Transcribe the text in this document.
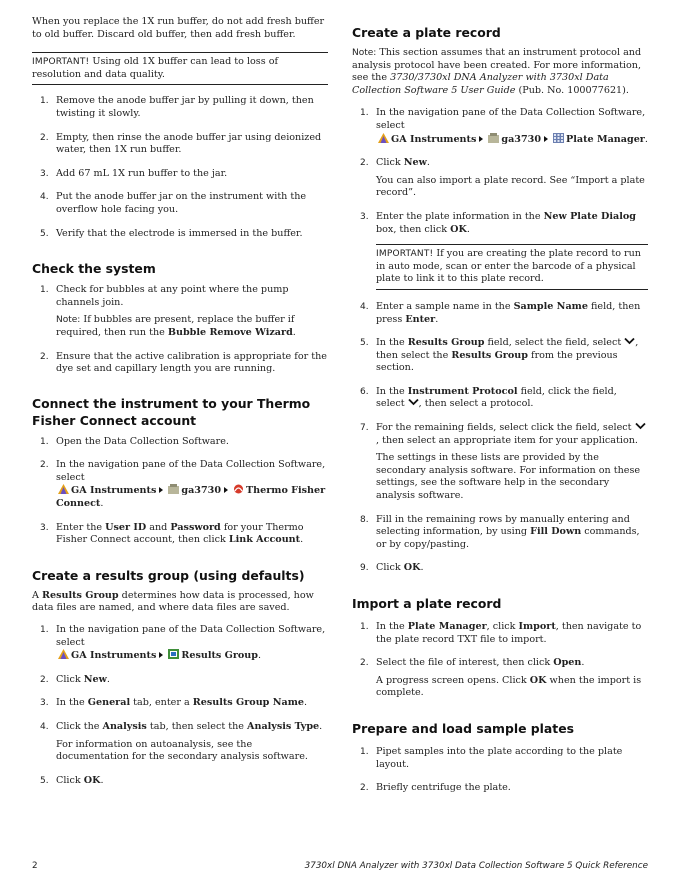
When you replace the 1X run buffer, do not add fresh buffer to old buffer. Discard old buffer, then add fresh buffer.

IMPORTANT! Using old 1X buffer can lead to loss of resolution and data quality.
1. Remove the anode buffer jar by pulling it down, then twisting it slowly.
2. Empty, then rinse the anode buffer jar using deionized water, then 1X run buffer.
3. Add 67 mL 1X run buffer to the jar.
4. Put the anode buffer jar on the instrument with the overflow hole facing you.
5. Verify that the electrode is immersed in the buffer.
Check the system
1. Check for bubbles at any point where the pump channels join.

Note: If bubbles are present, replace the buffer if required, then run the Bubble Remove Wizard.

2. Ensure that the active calibration is appropriate for the dye set and capillary length you are running.
Connect the instrument to your Thermo Fisher Connect account
1. Open the Data Collection Software.
2. In the navigation pane of the Data Collection Software, select
GA Instruments	ga3730	Thermo Fisher Connect.
3. Enter the User ID and Password for your Thermo Fisher Connect account, then click Link Account.
Create a results group (using defaults)

A Results Group determines how data is processed, how data files are named, and where data files are saved.

1. In the navigation pane of the Data Collection Software, select
GA Instruments	Results Group.
2. Click New.
3. In the General tab, enter a Results Group Name.
4. Click the Analysis tab, then select the Analysis Type.

For information on autoanalysis, see the documentation for the secondary analysis software.

5. Click OK.
Create a plate record

Note: This section assumes that an instrument protocol and analysis protocol have been created. For more information, see the 3730/3730xl DNA Analyzer with 3730xl Data Collection Software 5 User Guide (Pub. No. 100077621).

1. In the navigation pane of the Data Collection Software, select
GA Instruments	ga3730	Plate Manager.
2. Click New.

You can also import a plate record. See “Import a plate record”.

3. Enter the plate information in the New Plate Dialog box, then click OK.
IMPORTANT! If you are creating the plate record to run in auto mode, scan or enter the barcode of a physical plate to link it to this plate record.
4. Enter a sample name in the Sample Name field, then press Enter.
5. In the Results Group field, select the field, select , then select the Results Group from the previous section.
6. In the Instrument Protocol field, click the field, select , then select a protocol.
7. For the remaining fields, select click the field, select , then select an appropriate item for your application.

The settings in these lists are provided by the secondary analysis software. For information on these settings, see the software help in the secondary analysis software.

8. Fill in the remaining rows by manually entering and selecting information, by using Fill Down commands, or by copy/pasting.
9. Click OK.
Import a plate record
1. In the Plate Manager, click Import, then navigate to the plate record TXT file to import.
2. Select the file of interest, then click Open.

A progress screen opens. Click OK when the import is complete.

Prepare and load sample plates
1. Pipet samples into the plate according to the plate layout.
2. Briefly centrifuge the plate.
2	3730xl DNA Analyzer with 3730xl Data Collection Software 5 Quick Reference
